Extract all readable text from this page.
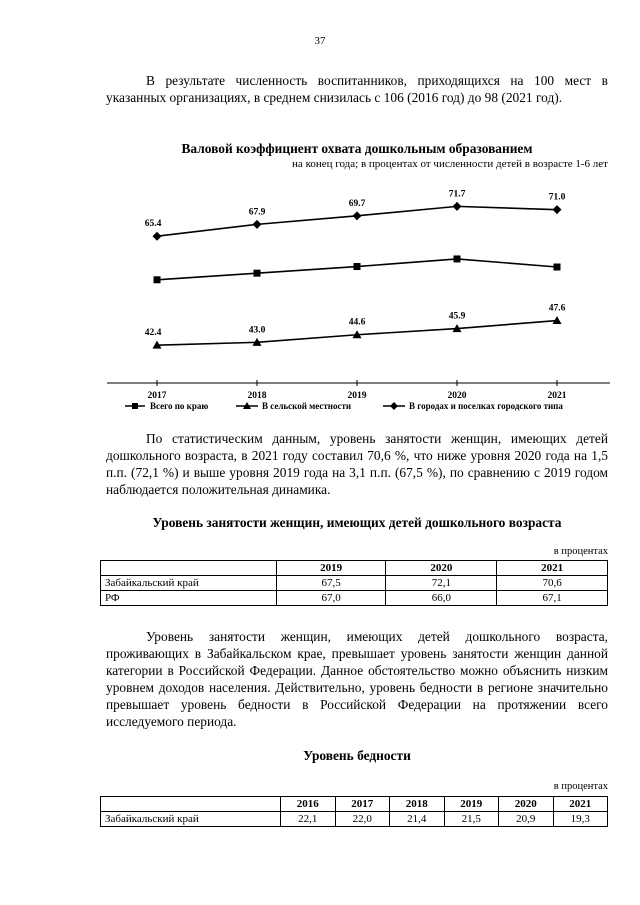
37

В результате численность воспитанников, приходящихся на 100 мест в указанных организациях, в среднем снизилась с 106 (2016 год) до 98 (2021 год).

Валовой коэффициент охвата дошкольным образованием
на конец года; в процентах от численности детей в возрасте 1-6 лет
2017	2018	2019	2020	2021
42.4	43.0
44.6
45.9
47.6
65.4
67.9
69.7
71.7	71.0
Всего по краю	В сельской местности	В городах и поселках городского типа

По статистическим данным, уровень занятости женщин, имеющих детей дошкольного возраста, в 2021 году составил 70,6 %, что ниже уровня 2020 года на 1,5 п.п. (72,1 %) и выше уровня 2019 года на 3,1 п.п. (67,5 %), по сравнению с 2019 годом наблюдается положительная динамика.

Уровень занятости женщин, имеющих детей дошкольного возраста
в процентах
	2019	2020	2021
Забайкальский край	67,5	72,1	70,6
РФ	67,0	66,0	67,1

Уровень занятости женщин, имеющих детей дошкольного возраста, проживающих в Забайкальском крае, превышает уровень занятости женщин данной категории в Российской Федерации. Данное обстоятельство можно объяснить низким уровнем доходов населения. Действительно, уровень бедности в регионе значительно превышает уровень бедности в Российской Федерации на протяжении всего исследуемого периода.

Уровень бедности
в процентах
	2016	2017	2018	2019	2020	2021
Забайкальский край	22,1	22,0	21,4	21,5	20,9	19,3
